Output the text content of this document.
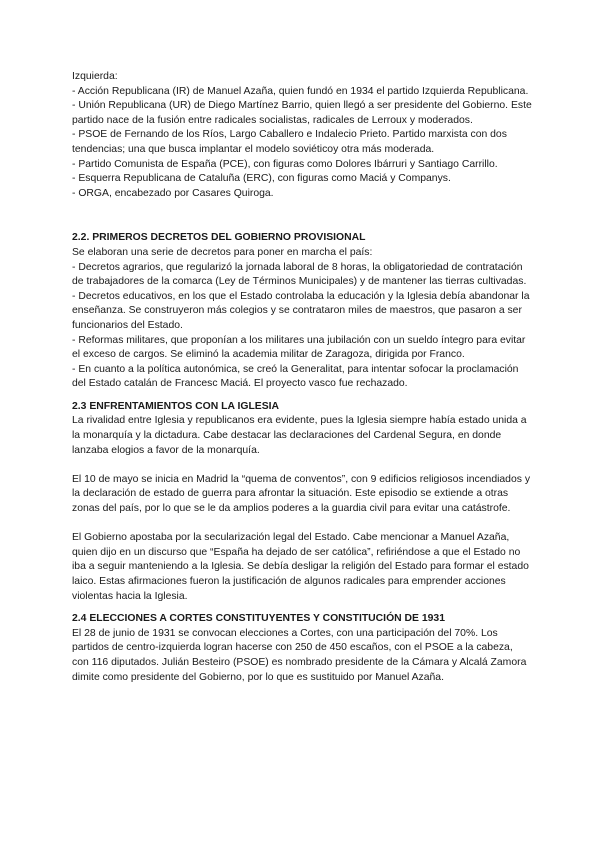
Izquierda:

- Acción Republicana (IR) de Manuel Azaña, quien fundó en 1934 el partido Izquierda Republicana.

- Unión Republicana (UR) de Diego Martínez Barrio, quien llegó a ser presidente del Gobierno. Este partido nace de la fusión entre radicales socialistas, radicales de Lerroux y moderados.

- PSOE de Fernando de los Ríos, Largo Caballero e Indalecio Prieto. Partido marxista con dos tendencias; una que busca implantar el modelo soviéticoy otra más moderada.

- Partido Comunista de España (PCE), con figuras como Dolores Ibárruri y Santiago Carrillo.

- Esquerra Republicana de Cataluña (ERC), con figuras como Maciá y Companys.

- ORGA, encabezado por Casares Quiroga.

2.2. PRIMEROS DECRETOS DEL GOBIERNO PROVISIONAL

Se elaboran una serie de decretos para poner en marcha el país:

- Decretos agrarios, que regularizó la jornada laboral de 8 horas, la obligatoriedad de contratación de trabajadores de la comarca (Ley de Términos Municipales) y de mantener las tierras cultivadas.

- Decretos educativos, en los que el Estado controlaba la educación y la Iglesia debía abandonar la enseñanza. Se construyeron más colegios y se contrataron miles de maestros, que pasaron a ser funcionarios del Estado.

- Reformas militares, que proponían a los militares una jubilación con un sueldo íntegro para evitar el exceso de cargos. Se eliminó la academia militar de Zaragoza, dirigida por Franco.

- En cuanto a la política autonómica, se creó la Generalitat, para intentar sofocar la proclamación del Estado catalán de Francesc Maciá. El proyecto vasco fue rechazado.

2.3 ENFRENTAMIENTOS CON LA IGLESIA

La rivalidad entre Iglesia y republicanos era evidente, pues la Iglesia siempre había estado unida a la monarquía y la dictadura. Cabe destacar las declaraciones del Cardenal Segura, en donde lanzaba elogios a favor de la monarquía.

El 10 de mayo se inicia en Madrid la “quema de conventos”, con 9 edificios religiosos incendiados y la declaración de estado de guerra para afrontar la situación. Este episodio se extiende a otras zonas del país, por lo que se le da amplios poderes a la guardia civil para evitar una catástrofe.

El Gobierno apostaba por la secularización legal del Estado. Cabe mencionar a Manuel Azaña, quien dijo en un discurso que “España ha dejado de ser católica”, refiriéndose a que el Estado no iba a seguir manteniendo a la Iglesia. Se debía desligar la religión del Estado para formar el estado laico. Estas afirmaciones fueron la justificación de algunos radicales para emprender acciones violentas hacia la Iglesia.

2.4 ELECCIONES A CORTES CONSTITUYENTES Y CONSTITUCIÓN DE 1931

El 28 de junio de 1931 se convocan elecciones a Cortes, con una participación del 70%. Los partidos de centro-izquierda logran hacerse con 250 de 450 escaños, con el PSOE a la cabeza, con 116 diputados. Julián Besteiro (PSOE) es nombrado presidente de la Cámara y Alcalá Zamora dimite como presidente del Gobierno, por lo que es sustituido por Manuel Azaña.
